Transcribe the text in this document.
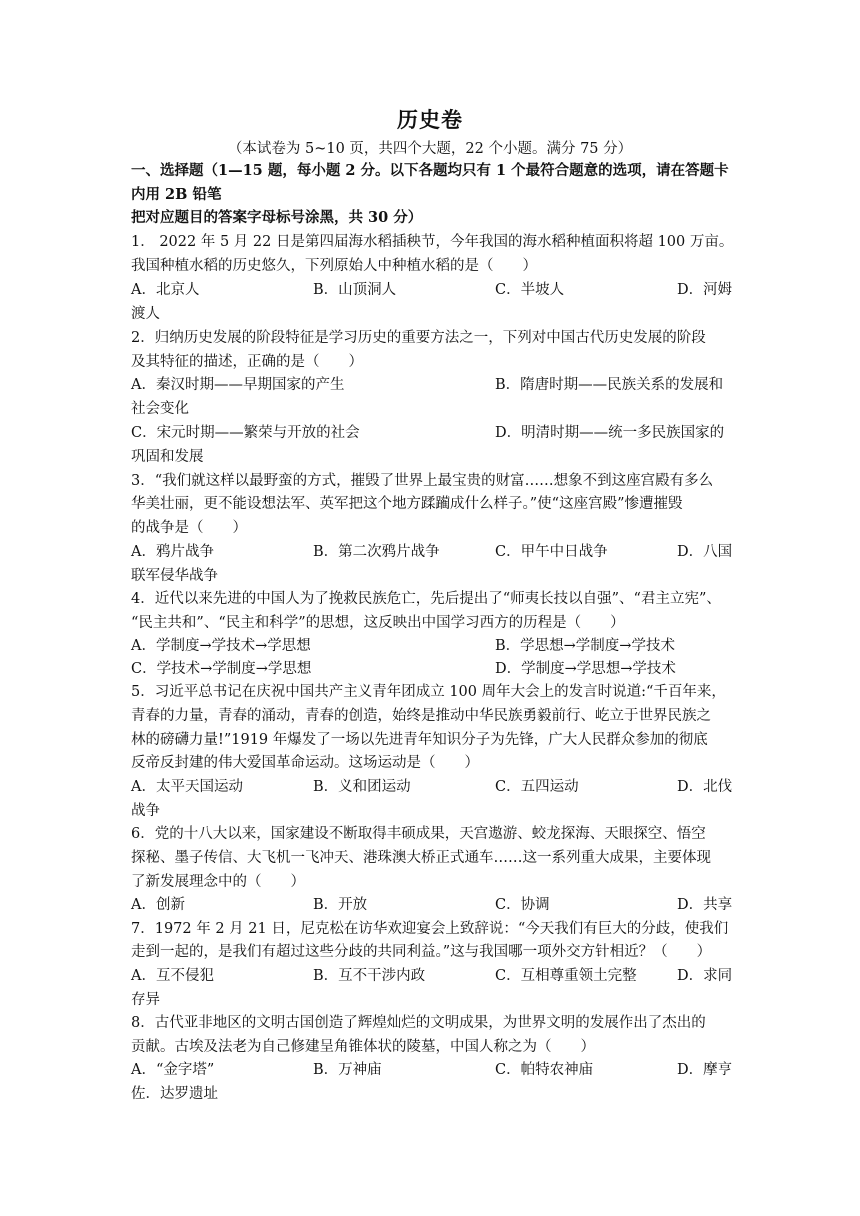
历史卷
（本试卷为 5~10 页，共四个大题，22 个小题。满分 75 分）
一、选择题（1—15 题，每小题 2 分。以下各题均只有 1 个最符合题意的选项，请在答题卡
内用 2B 铅笔
把对应题目的答案字母标号涂黑，共 30 分）
1． 2022 年 5 月 22 日是第四届海水稻插秧节，今年我国的海水稻种植面积将超 100 万亩。
我国种植水稻的历史悠久，下列原始人中种植水稻的是（　　）
A．北京人	B．山顶洞人	C．半坡人	D．河姆
渡人
2．归纳历史发展的阶段特征是学习历史的重要方法之一，下列对中国古代历史发展的阶段
及其特征的描述，正确的是（　　）
A．秦汉时期——早期国家的产生	B．隋唐时期——民族关系的发展和
社会变化
C．宋元时期——繁荣与开放的社会	D．明清时期——统一多民族国家的
巩固和发展
3．“我们就这样以最野蛮的方式，摧毁了世界上最宝贵的财富……想象不到这座宫殿有多么
华美壮丽，更不能设想法军、英军把这个地方蹂躏成什么样子。”使“这座宫殿”惨遭摧毁
的战争是（　　）
A．鸦片战争	B．第二次鸦片战争	C．甲午中日战争	D．八国
联军侵华战争
4．近代以来先进的中国人为了挽救民族危亡，先后提出了“师夷长技以自强”、“君主立宪”、
“民主共和”、“民主和科学”的思想，这反映出中国学习西方的历程是（　　）
A．学制度→学技术→学思想	B．学思想→学制度→学技术
C．学技术→学制度→学思想	D．学制度→学思想→学技术
5．习近平总书记在庆祝中国共产主义青年团成立 100 周年大会上的发言时说道:“千百年来，
青春的力量，青春的涌动，青春的创造，始终是推动中华民族勇毅前行、屹立于世界民族之
林的磅礴力量!”1919 年爆发了一场以先进青年知识分子为先锋，广大人民群众参加的彻底
反帝反封建的伟大爱国革命运动。这场运动是（　　）
A．太平天国运动	B．义和团运动	C．五四运动	D．北伐
战争
6．党的十八大以来，国家建设不断取得丰硕成果，天宫遨游、蛟龙探海、天眼探空、悟空
探秘、墨子传信、大飞机一飞冲天、港珠澳大桥正式通车……这一系列重大成果，主要体现
了新发展理念中的（　　）
A．创新	B．开放	C．协调	D．共享
7．1972 年 2 月 21 日，尼克松在访华欢迎宴会上致辞说：“今天我们有巨大的分歧，使我们
走到一起的，是我们有超过这些分歧的共同利益。”这与我国哪一项外交方针相近？（　　）
A．互不侵犯	B．互不干涉内政	C．互相尊重领土完整	D．求同
存异
8．古代亚非地区的文明古国创造了辉煌灿烂的文明成果，为世界文明的发展作出了杰出的
贡献。古埃及法老为自己修建呈角锥体状的陵墓，中国人称之为（　　）
A．“金字塔”	B．万神庙	C．帕特农神庙	D．摩亨
佐．达罗遗址
